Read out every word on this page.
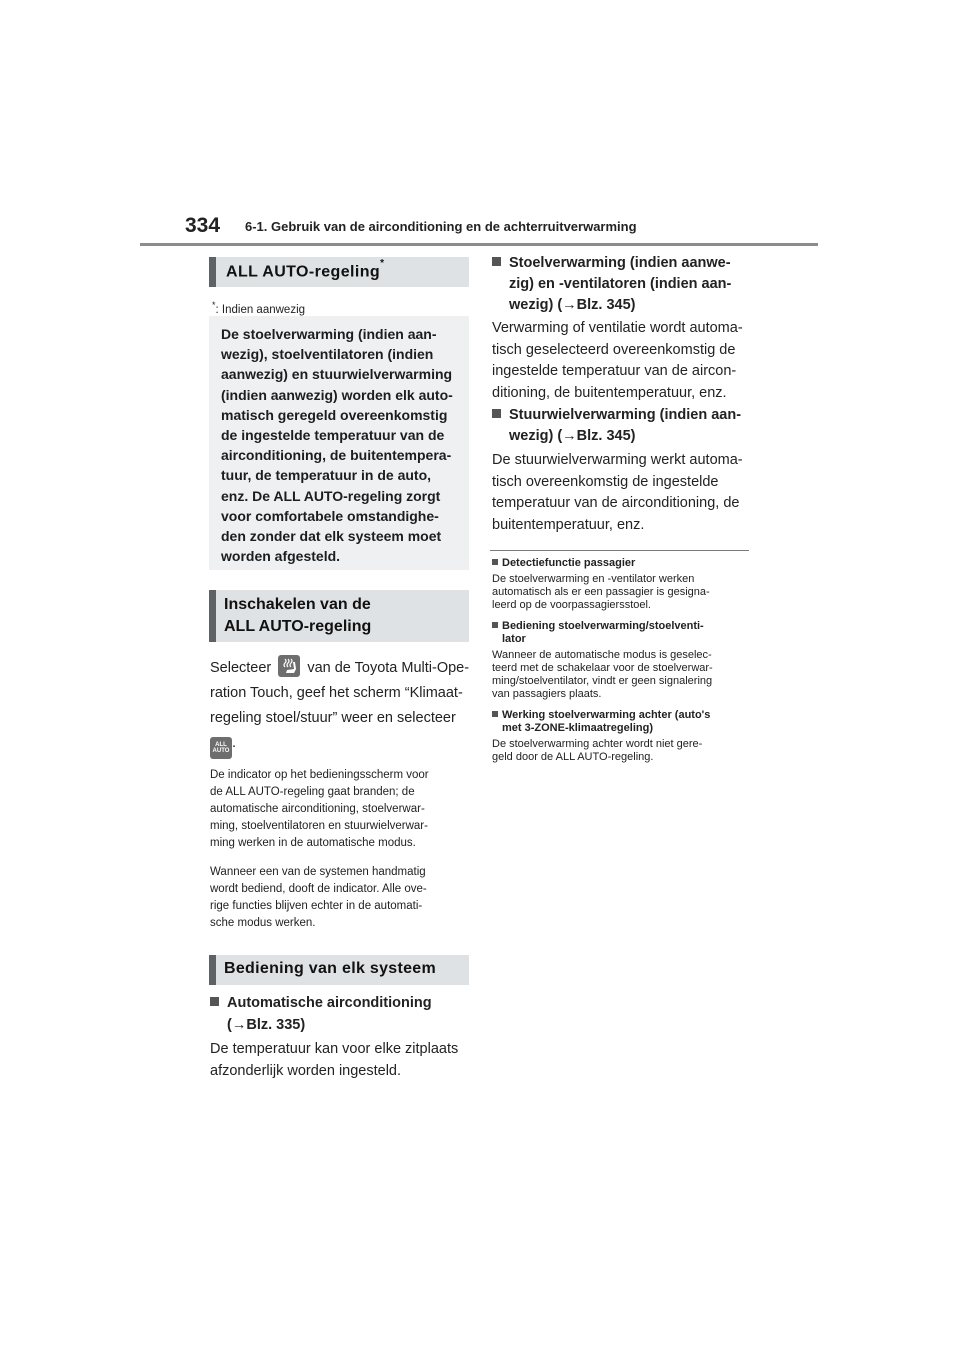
334 6-1. Gebruik van de airconditioning en de achterruitverwarming
ALL AUTO-regeling*
*: Indien aanwezig
De stoelverwarming (indien aan-
wezig), stoelventilatoren (indien
aanwezig) en stuurwielverwarming
(indien aanwezig) worden elk auto-
matisch geregeld overeenkomstig
de ingestelde temperatuur van de
airconditioning, de buitentempera-
tuur, de temperatuur in de auto,
enz. De ALL AUTO-regeling zorgt
voor comfortabele omstandighe-
den zonder dat elk systeem moet
worden afgesteld.
Inschakelen van de
ALL AUTO-regeling
Selecteer van de Toyota Multi-Ope-
ration Touch, geef het scherm “Klimaat-
regeling stoel/stuur” weer en selecteer
ALL
AUTO .
De indicator op het bedieningsscherm voor
de ALL AUTO-regeling gaat branden; de
automatische airconditioning, stoelverwar-
ming, stoelventilatoren en stuurwielverwar-
ming werken in de automatische modus.
Wanneer een van de systemen handmatig
wordt bediend, dooft de indicator. Alle ove-
rige functies blijven echter in de automati-
sche modus werken.
Bediening van elk systeem
Automatische airconditioning
(→Blz. 335)
De temperatuur kan voor elke zitplaats
afzonderlijk worden ingesteld.
Stoelverwarming (indien aanwe-
zig) en -ventilatoren (indien aan-
wezig) (→Blz. 345)
Verwarming of ventilatie wordt automa-
tisch geselecteerd overeenkomstig de
ingestelde temperatuur van de aircon-
ditioning, de buitentemperatuur, enz.
Stuurwielverwarming (indien aan-
wezig) (→Blz. 345)
De stuurwielverwarming werkt automa-
tisch overeenkomstig de ingestelde
temperatuur van de airconditioning, de
buitentemperatuur, enz.
Detectiefunctie passagier
De stoelverwarming en -ventilator werken
automatisch als er een passagier is gesigna-
leerd op de voorpassagiersstoel.
Bediening stoelverwarming/stoelventi-
lator
Wanneer de automatische modus is geselec-
teerd met de schakelaar voor de stoelverwar-
ming/stoelventilator, vindt er geen signalering
van passagiers plaats.
Werking stoelverwarming achter (auto's
met 3-ZONE-klimaatregeling)
De stoelverwarming achter wordt niet gere-
geld door de ALL AUTO-regeling.
